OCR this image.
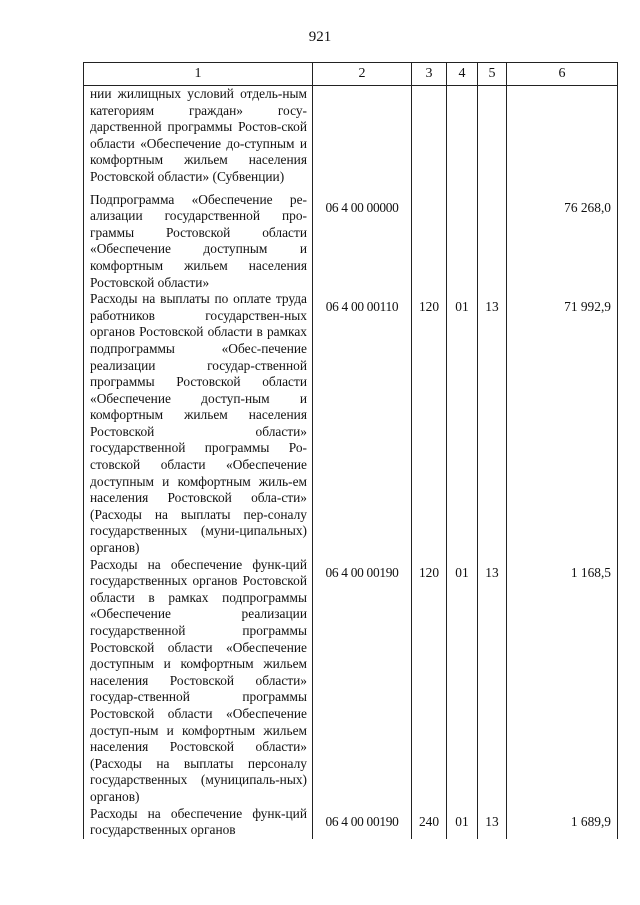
921
1	2	3	4	5	6
нии жилищных условий отдель-ным категориям граждан» госу-дарственной программы Ростов-ской области «Обеспечение до-ступным и комфортным жильем населения Ростовской области» (Субвенции)					
Подпрограмма «Обеспечение ре-ализации государственной про-граммы Ростовской области «Обеспечение доступным и комфортным жильем населения Ростовской области»	06 4 00 00000				76 268,0
Расходы на выплаты по оплате труда работников государствен-ных органов Ростовской области в рамках подпрограммы «Обес-печение реализации государ-ственной программы Ростовской области «Обеспечение доступ-ным и комфортным жильем населения Ростовской области» государственной программы Ро-стовской области «Обеспечение доступным и комфортным жиль-ем населения Ростовской обла-сти» (Расходы на выплаты пер-соналу государственных (муни-ципальных) органов)	06 4 00 00110	120	01	13	71 992,9
Расходы на обеспечение функ-ций государственных органов Ростовской области в рамках подпрограммы «Обеспечение реализации государственной программы Ростовской области «Обеспечение доступным и комфортным жильем населения Ростовской области» государ-ственной программы Ростовской области «Обеспечение доступ-ным и комфортным жильем населения Ростовской области» (Расходы на выплаты персоналу государственных (муниципаль-ных) органов)	06 4 00 00190	120	01	13	1 168,5
Расходы на обеспечение функ-ций государственных органов	06 4 00 00190	240	01	13	1 689,9
